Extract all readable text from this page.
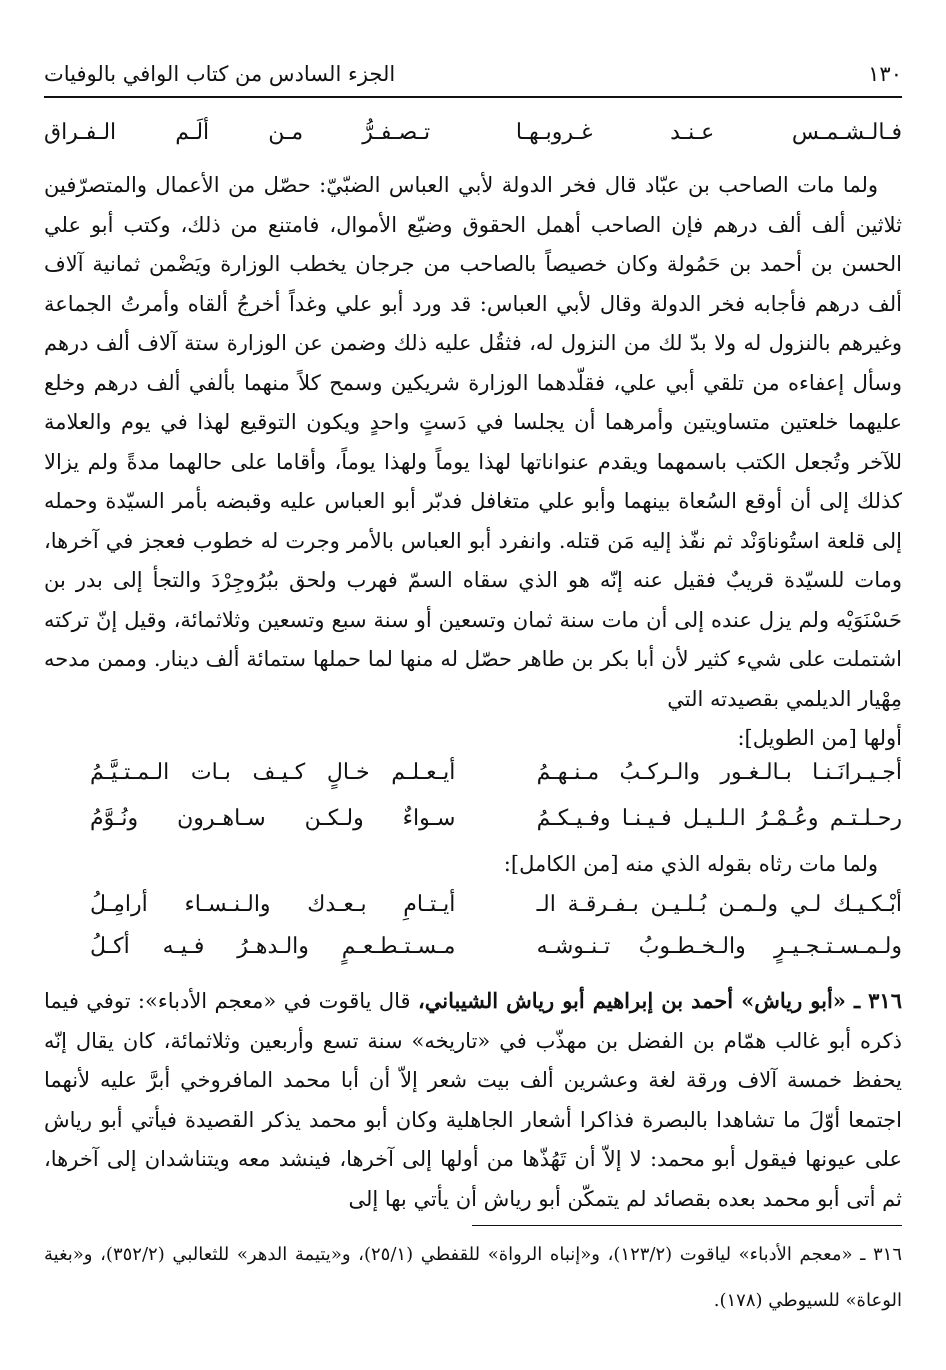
١٣٠
الجزء السادس من كتاب الوافي بالوفيات
فـالـشـمـس عـنـد غـروبـهـا
تـصـفـرُّ مـن ألَـم الـفـراق

ولما مات الصاحب بن عبّاد قال فخر الدولة لأبي العباس الضبّيّ: حصّل من الأعمال والمتصرّفين ثلاثين ألف ألف درهم فإن الصاحب أهمل الحقوق وضيّع الأموال، فامتنع من ذلك، وكتب أبو علي الحسن بن أحمد بن حَمُولة وكان خصيصاً بالصاحب من جرجان يخطب الوزارة ويَضْمن ثمانية آلاف ألف درهم فأجابه فخر الدولة وقال لأبي العباس: قد ورد أبو علي وغداً أخرجُ ألقاه وأمرتُ الجماعة وغيرهم بالنزول له ولا بدّ لك من النزول له، فثقُل عليه ذلك وضمن عن الوزارة ستة آلاف ألف درهم وسأل إعفاءه من تلقي أبي علي، فقلّدهما الوزارة شريكين وسمح كلاً منهما بألفي ألف درهم وخلع عليهما خلعتين متساويتين وأمرهما أن يجلسا في دَستٍ واحدٍ ويكون التوقيع لهذا في يوم والعلامة للآخر وتُجعل الكتب باسمهما ويقدم عنواناتها لهذا يوماً ولهذا يوماً، وأقاما على حالهما مدةً ولم يزالا كذلك إلى أن أوقع السُعاة بينهما وأبو علي متغافل فدبّر أبو العباس عليه وقبضه بأمر السيّدة وحمله إلى قلعة استُوناوَنْد ثم نفّذ إليه مَن قتله. وانفرد أبو العباس بالأمر وجرت له خطوب فعجز في آخرها، ومات للسيّدة قريبٌ فقيل عنه إنّه هو الذي سقاه السمّ فهرب ولحق ببُرُوجِرْدَ والتجأ إلى بدر بن حَسْنَوَيْه ولم يزل عنده إلى أن مات سنة ثمان وتسعين أو سنة سبع وتسعين وثلاثمائة، وقيل إنّ تركته اشتملت على شيء كثير لأن أبا بكر بن طاهر حصّل له منها لما حملها ستمائة ألف دينار. وممن مدحه مِهْيار الديلمي بقصيدته التي

أولها [من الطويل]:

أجـيـرانَـنـا بـالـغـور والـركـبُ مـنـهـمُ
أيـعـلـم خـالٍ كـيـف بـات الـمـتـيَّـمُ
رحـلـتـم وعُـمْـرُ الـلـيـل فـيـنـا وفـيـكـمُ
سـواءٌ ولـكـن سـاهـرون ونُـوَّمُ
ولما مات رثاه بقوله الذي منه [من الكامل]:
أبْـكـيـك لـي ولـمـن بُـلـيـن بـفـرقـة الـ
أيـتـامِ بـعـدك والـنـسـاء أرامِـلُ
ولـمـسـتـجـيـرٍ والـخـطـوبُ تـنـوشـه
مـسـتـطـعـمٍ والـدهـرُ فـيـه أكـلُ

٣١٦ ـ «أبو رياش» أحمد بن إبراهيم أبو رياش الشيباني، قال ياقوت في «معجم الأدباء»: توفي فيما ذكره أبو غالب همّام بن الفضل بن مهذّب في «تاريخه» سنة تسع وأربعين وثلاثمائة، كان يقال إنّه يحفظ خمسة آلاف ورقة لغة وعشرين ألف بيت شعر إلاّ أن أبا محمد المافروخي أبرَّ عليه لأنهما اجتمعا أوّلَ ما تشاهدا بالبصرة فذاكرا أشعار الجاهلية وكان أبو محمد يذكر القصيدة فيأتي أبو رياش على عيونها فيقول أبو محمد: لا إلاّ أن تَهُذّها من أولها إلى آخرها، فينشد معه ويتناشدان إلى آخرها، ثم أتى أبو محمد بعده بقصائد لم يتمكّن أبو رياش أن يأتي بها إلى

٣١٦ ـ «معجم الأدباء» لياقوت (١٢٣/٢)، و«إنباه الرواة» للقفطي (٢٥/١)، و«يتيمة الدهر» للثعالبي (٣٥٢/٢)، و«بغية الوعاة» للسيوطي (١٧٨).
